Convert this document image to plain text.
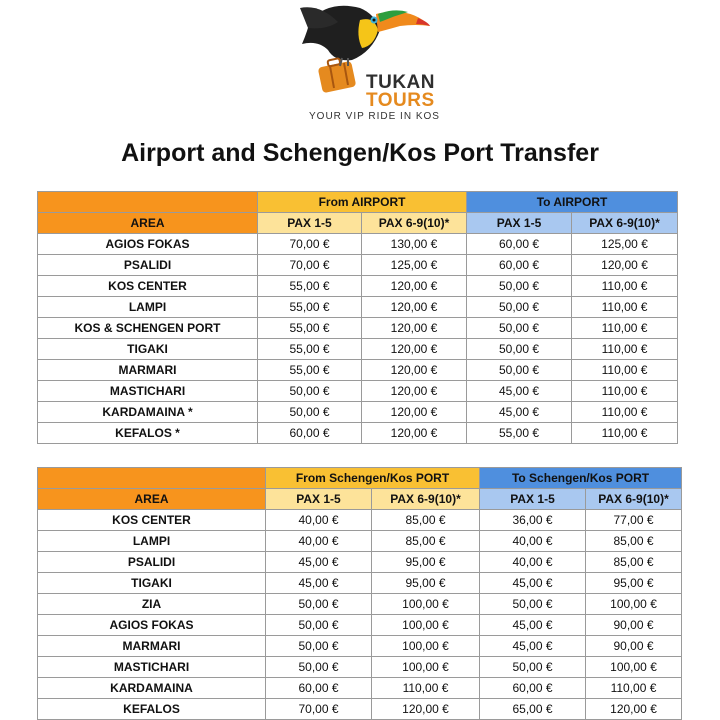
TUKAN
TOURS
YOUR VIP RIDE IN KOS
Airport and Schengen/Kos Port Transfer
	From AIRPORT		To AIRPORT	
AREA	PAX 1-5	PAX 6-9(10)*	PAX 1-5	PAX 6-9(10)*
AGIOS FOKAS	70,00 €	130,00 €	60,00 €	125,00 €
PSALIDI	70,00 €	125,00 €	60,00 €	120,00 €
KOS CENTER	55,00 €	120,00 €	50,00 €	110,00 €
LAMPI	55,00 €	120,00 €	50,00 €	110,00 €
KOS & SCHENGEN PORT	55,00 €	120,00 €	50,00 €	110,00 €
TIGAKI	55,00 €	120,00 €	50,00 €	110,00 €
MARMARI	55,00 €	120,00 €	50,00 €	110,00 €
MASTICHARI	50,00 €	120,00 €	45,00 €	110,00 €
KARDAMAINA *	50,00 €	120,00 €	45,00 €	110,00 €
KEFALOS *	60,00 €	120,00 €	55,00 €	110,00 €
	From Schengen/Kos PORT		To Schengen/Kos PORT	
AREA	PAX 1-5	PAX 6-9(10)*	PAX 1-5	PAX 6-9(10)*
KOS CENTER	40,00 €	85,00 €	36,00 €	77,00 €
LAMPI	40,00 €	85,00 €	40,00 €	85,00 €
PSALIDI	45,00 €	95,00 €	40,00 €	85,00 €
TIGAKI	45,00 €	95,00 €	45,00 €	95,00 €
ZIA	50,00 €	100,00 €	50,00 €	100,00 €
AGIOS FOKAS	50,00 €	100,00 €	45,00 €	90,00 €
MARMARI	50,00 €	100,00 €	45,00 €	90,00 €
MASTICHARI	50,00 €	100,00 €	50,00 €	100,00 €
KARDAMAINA	60,00 €	110,00 €	60,00 €	110,00 €
KEFALOS	70,00 €	120,00 €	65,00 €	120,00 €
